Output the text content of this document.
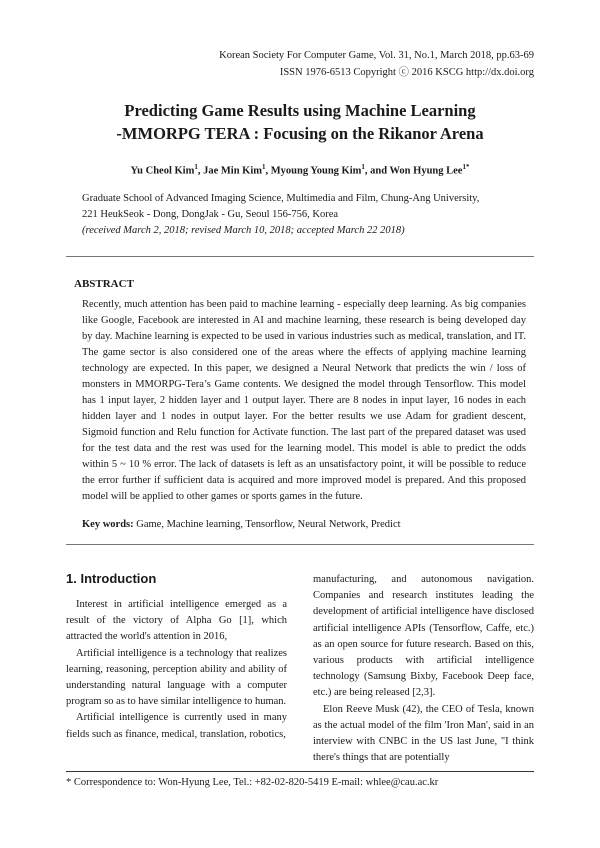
Korean Society For Computer Game, Vol. 31, No.1, March 2018, pp.63-69
ISSN 1976-6513 Copyright ⓒ 2016 KSCG http://dx.doi.org
Predicting Game Results using Machine Learning
-MMORPG TERA : Focusing on the Rikanor Arena
Yu Cheol Kim$^1$, Jae Min Kim$^1$, Myoung Young Kim$^1$, and Won Hyung Lee$^{1*}$
Graduate School of Advanced Imaging Science, Multimedia and Film, Chung-Ang University,
221 HeukSeok - Dong, DongJak - Gu, Seoul 156-756, Korea
(received March 2, 2018; revised March 10, 2018; accepted March 22 2018)
ABSTRACT
Recently, much attention has been paid to machine learning - especially deep learning. As big companies like Google, Facebook are interested in AI and machine learning, these research is being developed day by day. Machine learning is expected to be used in various industries such as medical, translation, and IT. The game sector is also considered one of the areas where the effects of applying machine learning technology are expected. In this paper, we designed a Neural Network that predicts the win / loss of monsters in MMORPG-Tera’s Game contents. We designed the model through Tensorflow. This model has 1 input layer, 2 hidden layer and 1 output layer. There are 8 nodes in input layer, 16 nodes in each hidden layer and 1 nodes in output layer. For the better results we use Adam for gradient descent, Sigmoid function and Relu function for Activate function. The last part of the prepared dataset was used for the test data and the rest was used for the learning model. This model is able to predict the odds within 5 ~ 10 % error. The lack of datasets is left as an unsatisfactory point, it will be possible to reduce the error further if sufficient data is acquired and more improved model is prepared. And this proposed model will be applied to other games or sports games in the future.
Key words: Game, Machine learning, Tensorflow, Neural Network, Predict
1. Introduction

Interest in artificial intelligence emerged as a result of the victory of Alpha Go [1], which attracted the world's attention in 2016,

Artificial intelligence is a technology that realizes learning, reasoning, perception ability and ability of understanding natural language with a computer program so as to have similar intelligence to human.

Artificial intelligence is currently used in many fields such as finance, medical, translation, robotics,

manufacturing, and autonomous navigation. Companies and research institutes leading the development of artificial intelligence have disclosed artificial intelligence APIs (Tensorflow, Caffe, etc.) as an open source for future research. Based on this, various products with artificial intelligence technology (Samsung Bixby, Facebook Deep face, etc.) are being released [2,3].

Elon Reeve Musk (42), the CEO of Tesla, known as the actual model of the film 'Iron Man', said in an interview with CNBC in the US last June, "I think there's things that are potentially

* Correspondence to: Won-Hyung Lee, Tel.: +82-02-820-5419 E-mail: whlee@cau.ac.kr
